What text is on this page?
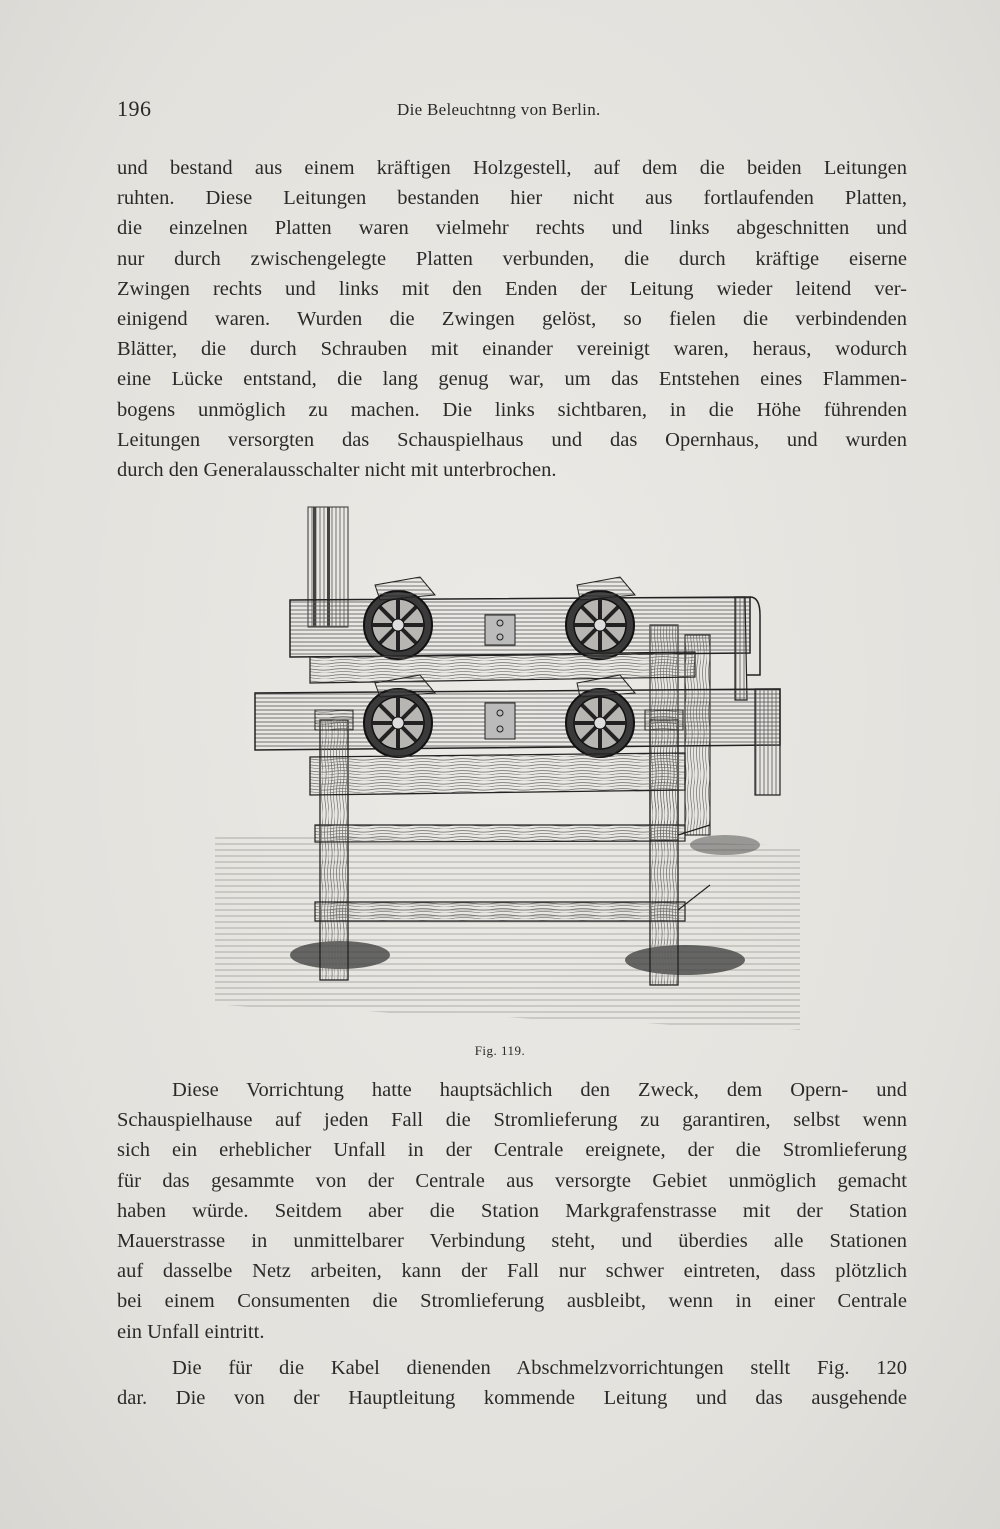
196	Die Beleuchtnng von Berlin.
und bestand aus einem kräftigen Holzgestell, auf dem die beiden Leitungen
ruhten. Diese Leitungen bestanden hier nicht aus fortlaufenden Platten,
die einzelnen Platten waren vielmehr rechts und links abgeschnitten und
nur durch zwischengelegte Platten verbunden, die durch kräftige eiserne
Zwingen rechts und links mit den Enden der Leitung wieder leitend ver-
einigend waren. Wurden die Zwingen gelöst, so fielen die verbindenden
Blätter, die durch Schrauben mit einander vereinigt waren, heraus, wodurch
eine Lücke entstand, die lang genug war, um das Entstehen eines Flammen-
bogens unmöglich zu machen. Die links sichtbaren, in die Höhe führenden
Leitungen versorgten das Schauspielhaus und das Opernhaus, und wurden
durch den Generalausschalter nicht mit unterbrochen.
Fig. 119.
Diese Vorrichtung hatte hauptsächlich den Zweck, dem Opern- und
Schauspielhause auf jeden Fall die Stromlieferung zu garantiren, selbst wenn
sich ein erheblicher Unfall in der Centrale ereignete, der die Stromlieferung
für das gesammte von der Centrale aus versorgte Gebiet unmöglich gemacht
haben würde. Seitdem aber die Station Markgrafenstrasse mit der Station
Mauerstrasse in unmittelbarer Verbindung steht, und überdies alle Stationen
auf dasselbe Netz arbeiten, kann der Fall nur schwer eintreten, dass plötzlich
bei einem Consumenten die Stromlieferung ausbleibt, wenn in einer Centrale
ein Unfall eintritt.
Die für die Kabel dienenden Abschmelzvorrichtungen stellt Fig. 120
dar. Die von der Hauptleitung kommende Leitung und das ausgehende
